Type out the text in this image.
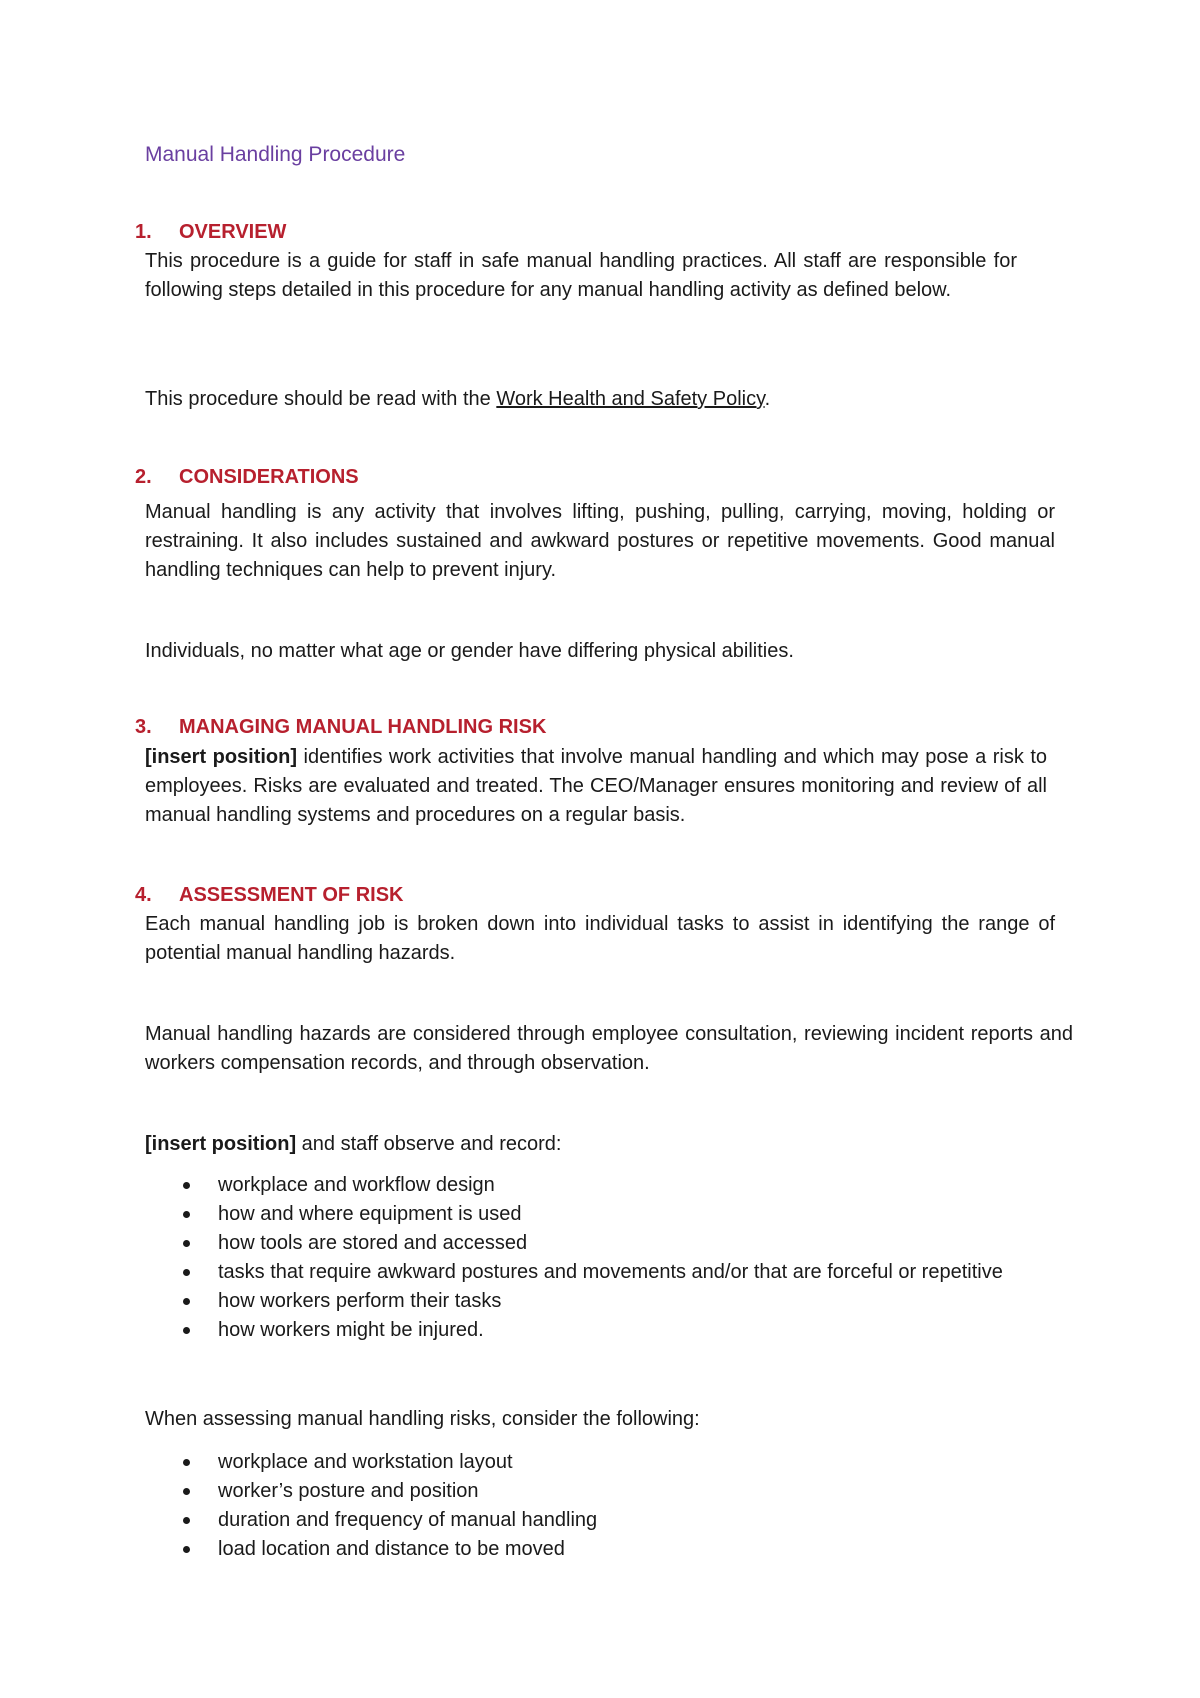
Manual Handling Procedure
1. OVERVIEW
This procedure is a guide for staff in safe manual handling practices. All staff are responsible for following steps detailed in this procedure for any manual handling activity as defined below.
This procedure should be read with the Work Health and Safety Policy.
2. CONSIDERATIONS
Manual handling is any activity that involves lifting, pushing, pulling, carrying, moving, holding or restraining. It also includes sustained and awkward postures or repetitive movements. Good manual handling techniques can help to prevent injury.
Individuals, no matter what age or gender have differing physical abilities.
3. MANAGING MANUAL HANDLING RISK
[insert position] identifies work activities that involve manual handling and which may pose a risk to employees. Risks are evaluated and treated. The CEO/Manager ensures monitoring and review of all manual handling systems and procedures on a regular basis.
4. ASSESSMENT OF RISK
Each manual handling job is broken down into individual tasks to assist in identifying the range of potential manual handling hazards.
Manual handling hazards are considered through employee consultation, reviewing incident reports and workers compensation records, and through observation.
[insert position] and staff observe and record:
workplace and workflow design
how and where equipment is used
how tools are stored and accessed
tasks that require awkward postures and movements and/or that are forceful or repetitive
how workers perform their tasks
how workers might be injured.
When assessing manual handling risks, consider the following:
workplace and workstation layout
worker’s posture and position
duration and frequency of manual handling
load location and distance to be moved
